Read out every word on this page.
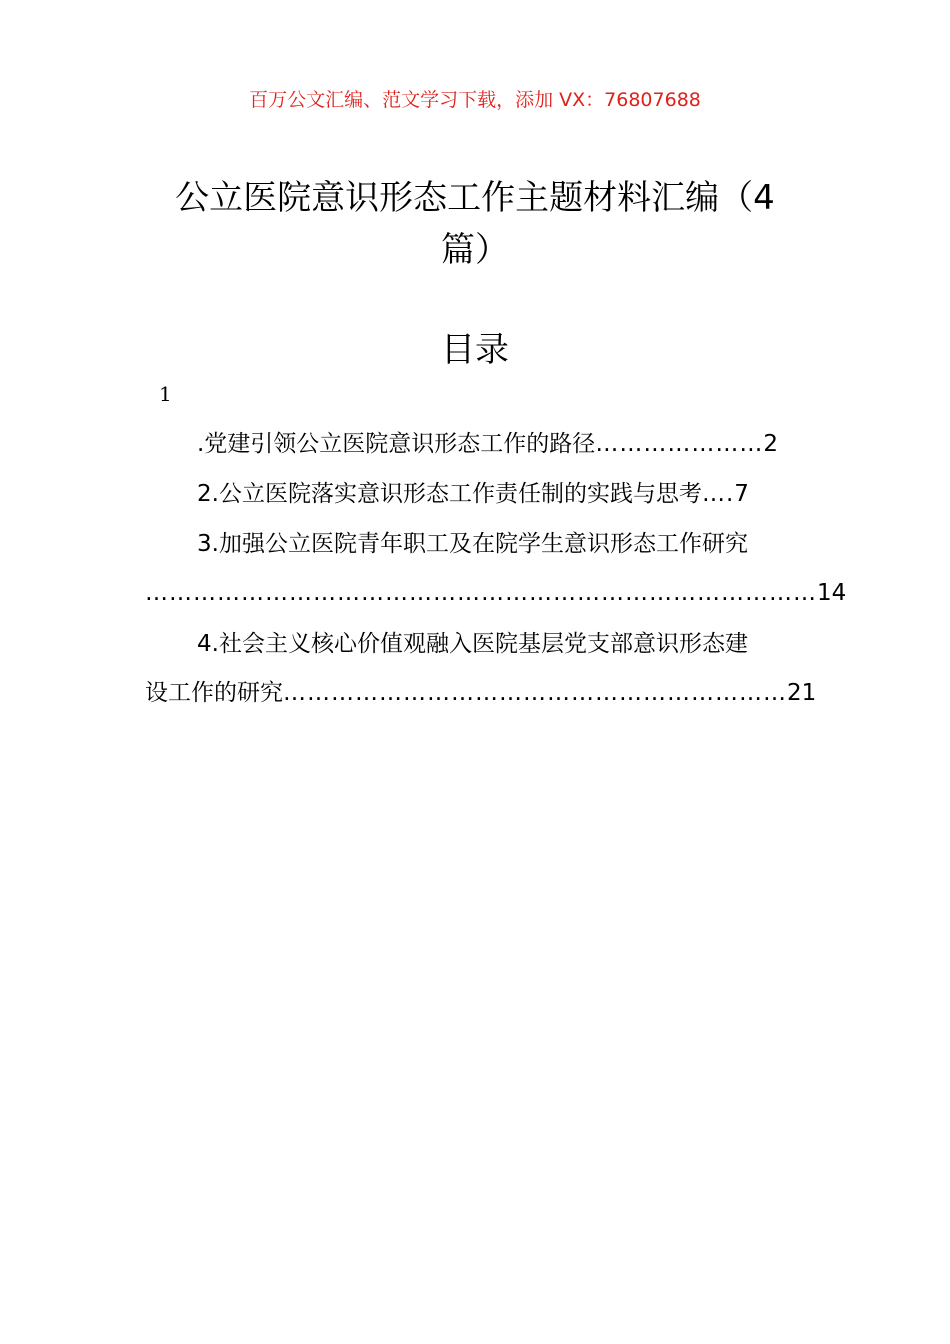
百万公文汇编、范文学习下载，添加 VX：76807688
公立医院意识形态工作主题材料汇编（4
篇）
目录
1
.党建引领公立医院意识形态工作的路径…………………2
2.公立医院落实意识形态工作责任制的实践与思考….7
3.加强公立医院青年职工及在院学生意识形态工作研究
…………………………………………………………………………14
4.社会主义核心价值观融入医院基层党支部意识形态建
设工作的研究………………………………………………………21
